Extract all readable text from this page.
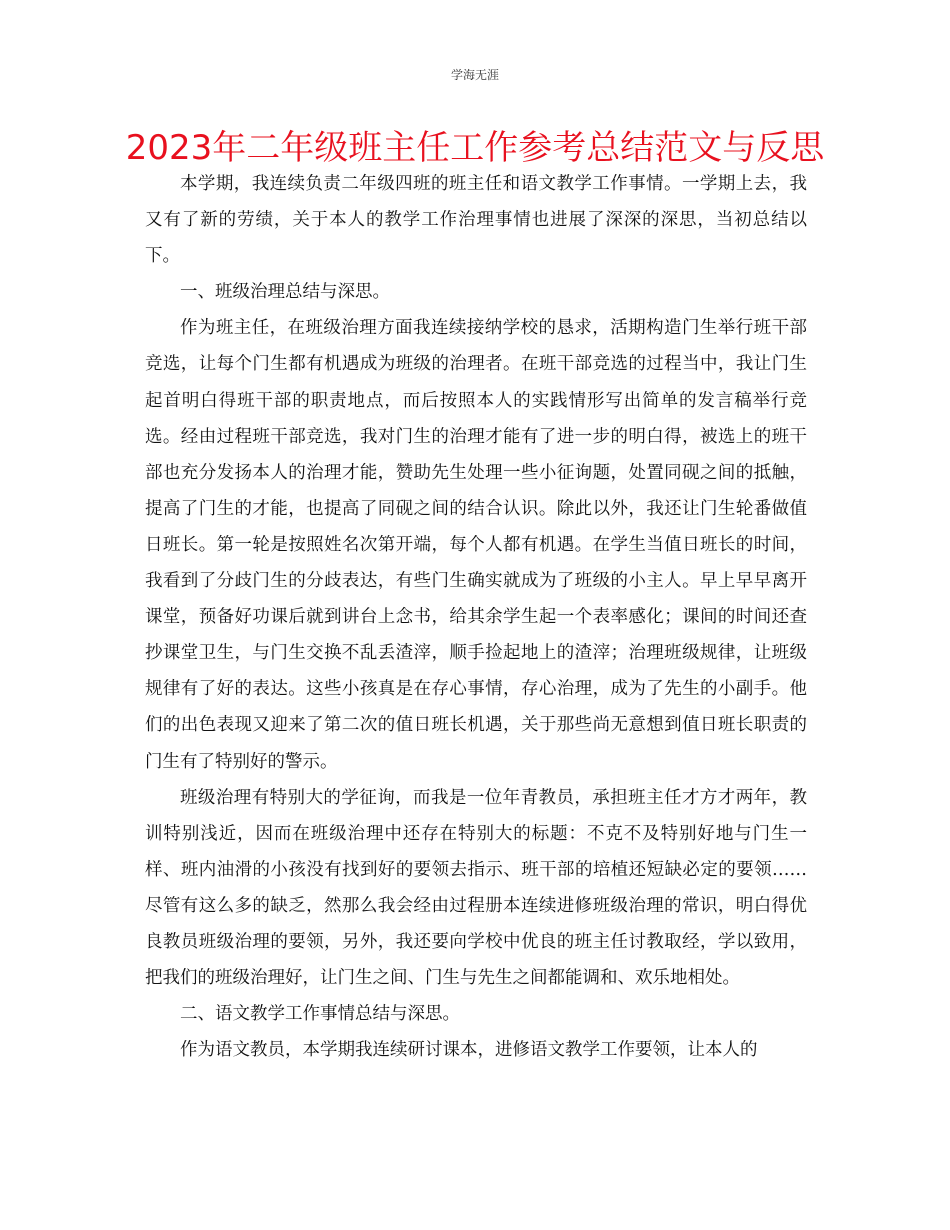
学海无涯
2023年二年级班主任工作参考总结范文与反思

本学期，我连续负责二年级四班的班主任和语文教学工作事情。一学期上去，我又有了新的劳绩，关于本人的教学工作治理事情也进展了深深的深思，当初总结以下。

一、班级治理总结与深思。

作为班主任，在班级治理方面我连续接纳学校的恳求，活期构造门生举行班干部竞选，让每个门生都有机遇成为班级的治理者。在班干部竞选的过程当中，我让门生起首明白得班干部的职责地点，而后按照本人的实践情形写出简单的发言稿举行竞选。经由过程班干部竞选，我对门生的治理才能有了进一步的明白得，被选上的班干部也充分发扬本人的治理才能，赞助先生处理一些小征询题，处置同砚之间的抵触，提高了门生的才能，也提高了同砚之间的结合认识。除此以外，我还让门生轮番做值日班长。第一轮是按照姓名次第开端，每个人都有机遇。在学生当值日班长的时间，我看到了分歧门生的分歧表达，有些门生确实就成为了班级的小主人。早上早早离开课堂，预备好功课后就到讲台上念书，给其余学生起一个表率感化；课间的时间还查抄课堂卫生，与门生交换不乱丢渣滓，顺手捡起地上的渣滓；治理班级规律，让班级规律有了好的表达。这些小孩真是在存心事情，存心治理，成为了先生的小副手。他们的出色表现又迎来了第二次的值日班长机遇，关于那些尚无意想到值日班长职责的门生有了特别好的警示。

班级治理有特别大的学征询，而我是一位年青教员，承担班主任才方才两年，教训特别浅近，因而在班级治理中还存在特别大的标题：不克不及特别好地与门生一样、班内油滑的小孩没有找到好的要领去指示、班干部的培植还短缺必定的要领……尽管有这么多的缺乏，然那么我会经由过程册本连续进修班级治理的常识，明白得优良教员班级治理的要领，另外，我还要向学校中优良的班主任讨教取经，学以致用，把我们的班级治理好，让门生之间、门生与先生之间都能调和、欢乐地相处。

二、语文教学工作事情总结与深思。

作为语文教员，本学期我连续研讨课本，进修语文教学工作要领，让本人的
